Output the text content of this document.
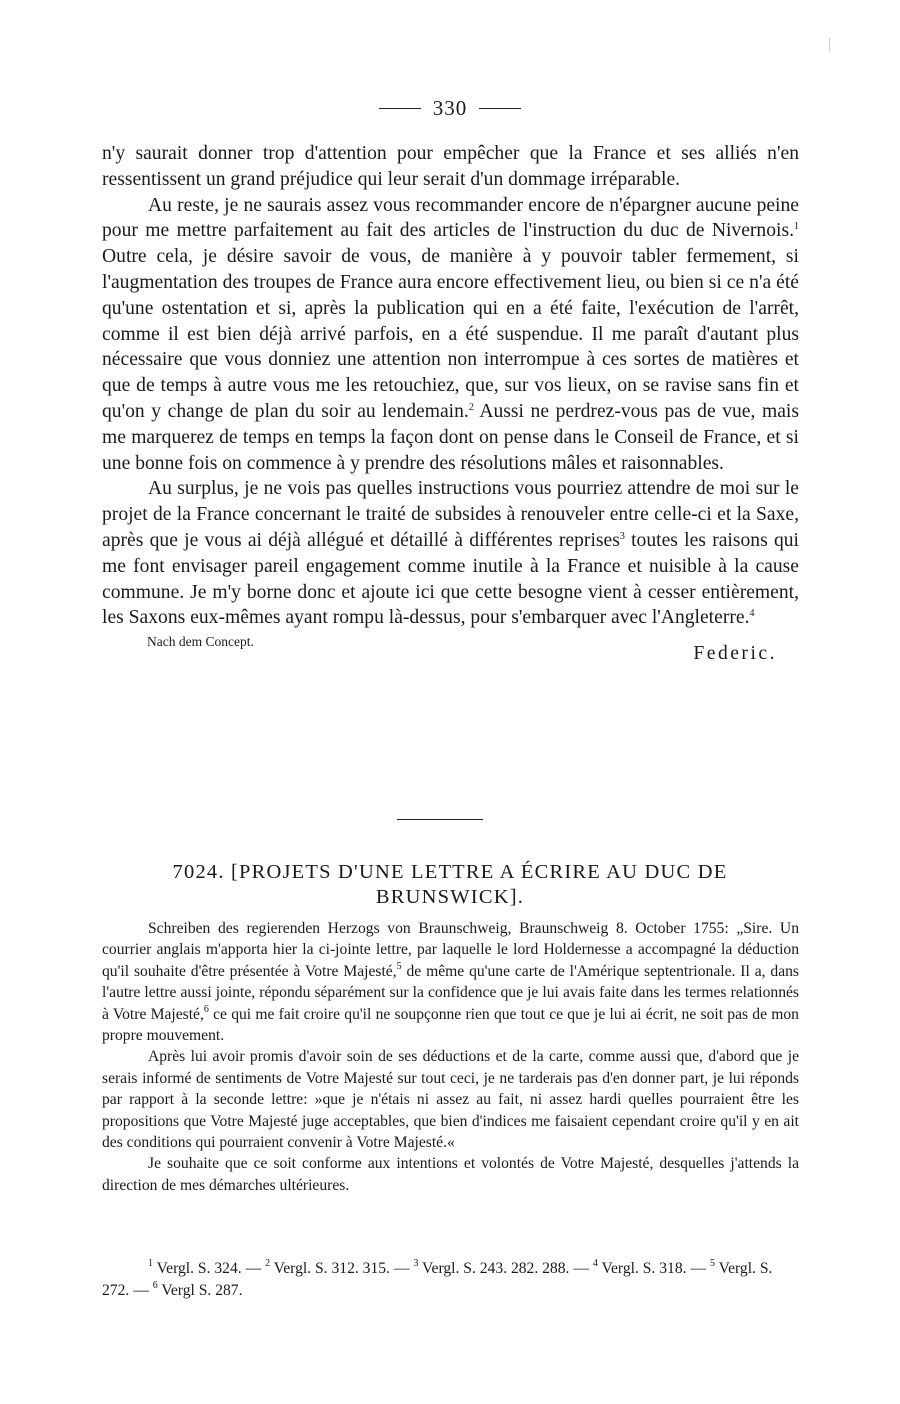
330

n'y saurait donner trop d'attention pour empêcher que la France et ses alliés n'en ressentissent un grand préjudice qui leur serait d'un dommage irréparable.

Au reste, je ne saurais assez vous recommander encore de n'épargner aucune peine pour me mettre parfaitement au fait des articles de l'instruction du duc de Nivernois.$^1$ Outre cela, je désire savoir de vous, de manière à y pouvoir tabler fermement, si l'augmentation des troupes de France aura encore effectivement lieu, ou bien si ce n'a été qu'une ostentation et si, après la publication qui en a été faite, l'exécution de l'arrêt, comme il est bien déjà arrivé parfois, en a été suspendue. Il me paraît d'autant plus nécessaire que vous donniez une attention non interrompue à ces sortes de matières et que de temps à autre vous me les retouchiez, que, sur vos lieux, on se ravise sans fin et qu'on y change de plan du soir au lendemain.$^2$ Aussi ne perdrez-vous pas de vue, mais me marquerez de temps en temps la façon dont on pense dans le Conseil de France, et si une bonne fois on commence à y prendre des résolutions mâles et raisonnables.

Au surplus, je ne vois pas quelles instructions vous pourriez attendre de moi sur le projet de la France concernant le traité de subsides à renouveler entre celle-ci et la Saxe, après que je vous ai déjà allégué et détaillé à différentes reprises$^3$ toutes les raisons qui me font envisager pareil engagement comme inutile à la France et nuisible à la cause commune. Je m'y borne donc et ajoute ici que cette besogne vient à cesser entièrement, les Saxons eux-mêmes ayant rompu là-dessus, pour s'embarquer avec l'Angleterre.$^4$

Nach dem Concept.
Federic.
7024. [PROJETS D'UNE LETTRE A ÉCRIRE AU DUC DE BRUNSWICK].

Schreiben des regierenden Herzogs von Braunschweig, Braunschweig 8. October 1755: „Sire. Un courrier anglais m'apporta hier la ci-jointe lettre, par laquelle le lord Holdernesse a accompagné la déduction qu'il souhaite d'être présentée à Votre Majesté,$^5$ de même qu'une carte de l'Amérique septentrionale. Il a, dans l'autre lettre aussi jointe, répondu séparément sur la confidence que je lui avais faite dans les termes relationnés à Votre Majesté,$^6$ ce qui me fait croire qu'il ne soupçonne rien que tout ce que je lui ai écrit, ne soit pas de mon propre mouvement.

Après lui avoir promis d'avoir soin de ses déductions et de la carte, comme aussi que, d'abord que je serais informé de sentiments de Votre Majesté sur tout ceci, je ne tarderais pas d'en donner part, je lui réponds par rapport à la seconde lettre: »que je n'étais ni assez au fait, ni assez hardi quelles pourraient être les propositions que Votre Majesté juge acceptables, que bien d'indices me faisaient cependant croire qu'il y en ait des conditions qui pourraient convenir à Votre Majesté.«

Je souhaite que ce soit conforme aux intentions et volontés de Votre Majesté, desquelles j'attends la direction de mes démarches ultérieures.

$^1$ Vergl. S. 324. — $^2$ Vergl. S. 312. 315. — $^3$ Vergl. S. 243. 282. 288. — $^4$ Vergl. S. 318. — $^5$ Vergl. S. 272. — $^6$ Vergl S. 287.
